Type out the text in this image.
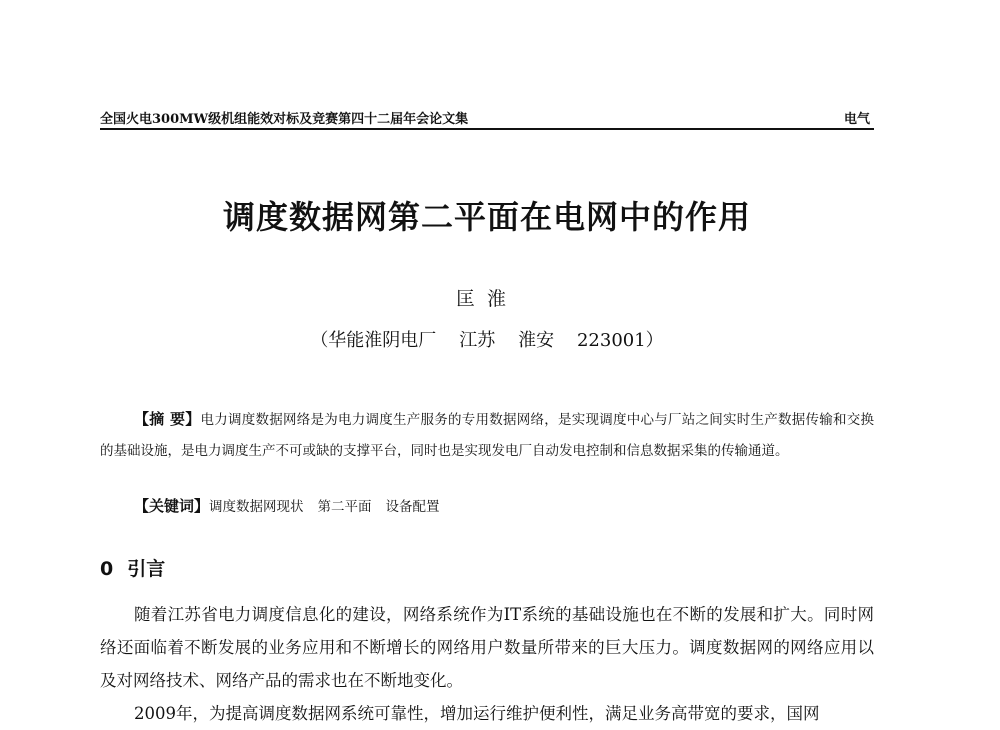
全国火电300MW级机组能效对标及竞赛第四十二届年会论文集	电气
调度数据网第二平面在电网中的作用
匡淮
（华能淮阴电厂    江苏    淮安    223001）
【摘 要】电力调度数据网络是为电力调度生产服务的专用数据网络，是实现调度中心与厂站之间实时生产数据传输和交换的基础设施，是电力调度生产不可或缺的支撑平台，同时也是实现发电厂自动发电控制和信息数据采集的传输通道。
【关键词】调度数据网现状 第二平面 设备配置
0 引言
随着江苏省电力调度信息化的建设，网络系统作为IT系统的基础设施也在不断的发展和扩大。同时网络还面临着不断发展的业务应用和不断增长的网络用户数量所带来的巨大压力。调度数据网的网络应用以及对网络技术、网络产品的需求也在不断地变化。
2009年，为提高调度数据网系统可靠性，增加运行维护便利性，满足业务高带宽的要求，国网
